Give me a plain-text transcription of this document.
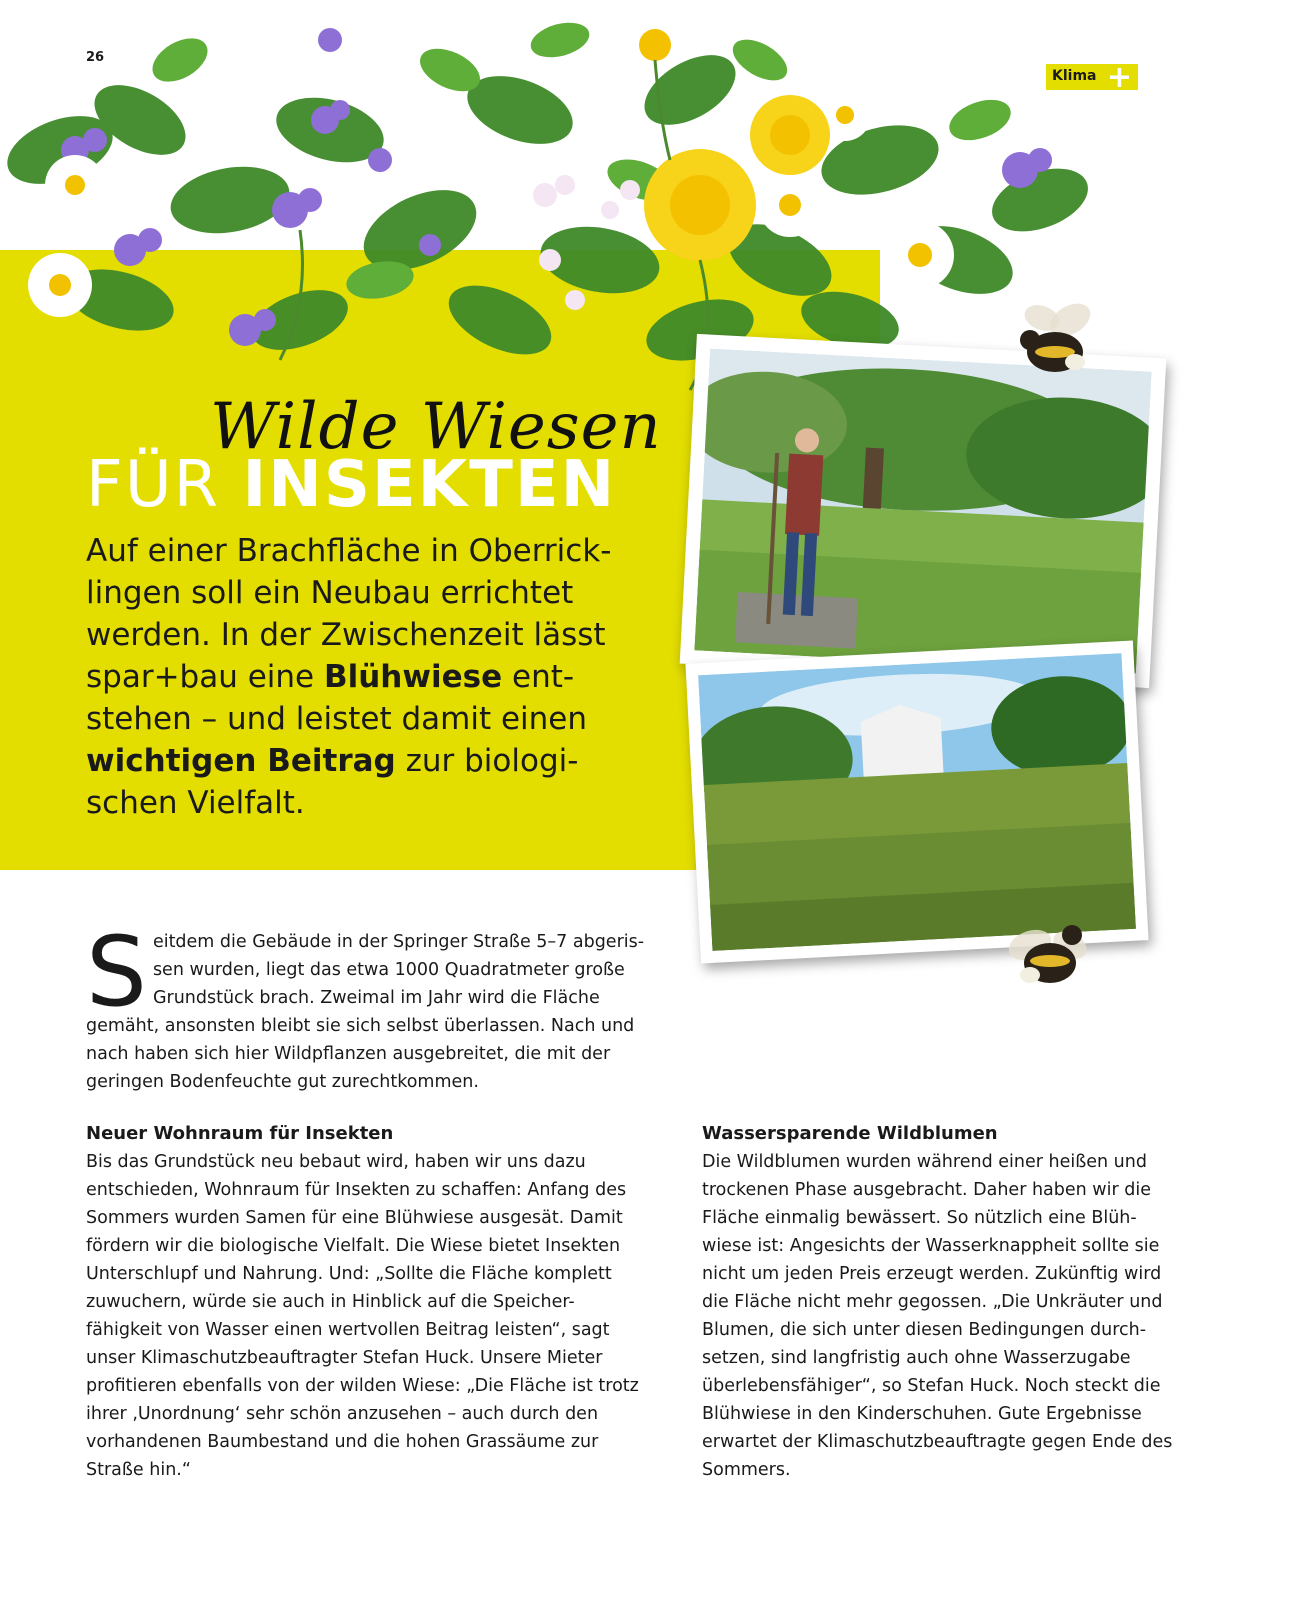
26
Klima +
Wilde Wiesen
FÜR INSEKTEN
Auf einer Brachfläche in Oberrick-lingen soll ein Neubau errichtet werden. In der Zwischenzeit lässt spar+bau eine Blühwiese ent-stehen – und leistet damit einen wichtigen Beitrag zur biologi-schen Vielfalt.
S eitdem die Gebäude in der Springer Straße 5–7 abgeris-sen wurden, liegt das etwa 1000 Quadratmeter große Grundstück brach. Zweimal im Jahr wird die Fläche gemäht, ansonsten bleibt sie sich selbst überlassen. Nach und nach haben sich hier Wildpflanzen ausgebreitet, die mit der geringen Bodenfeuchte gut zurechtkommen.
Neuer Wohnraum für Insekten

Bis das Grundstück neu bebaut wird, haben wir uns dazu entschieden, Wohnraum für Insekten zu schaffen: Anfang des Sommers wurden Samen für eine Blühwiese ausgesät. Damit fördern wir die biologische Vielfalt. Die Wiese bietet Insekten Unterschlupf und Nahrung. Und: „Sollte die Fläche komplett zuwuchern, würde sie auch in Hinblick auf die Speicher-fähigkeit von Wasser einen wertvollen Beitrag leisten“, sagt unser Klimaschutzbeauftragter Stefan Huck. Unsere Mieter profitieren ebenfalls von der wilden Wiese: „Die Fläche ist trotz ihrer ‚Unordnung‘ sehr schön anzusehen – auch durch den vorhandenen Baumbestand und die hohen Grassäume zur Straße hin.“

Wassersparende Wildblumen

Die Wildblumen wurden während einer heißen und trockenen Phase ausgebracht. Daher haben wir die Fläche einmalig bewässert. So nützlich eine Blüh-wiese ist: Angesichts der Wasserknappheit sollte sie nicht um jeden Preis erzeugt werden. Zukünftig wird die Fläche nicht mehr gegossen. „Die Unkräuter und Blumen, die sich unter diesen Bedingungen durch-setzen, sind langfristig auch ohne Wasserzugabe überlebensfähiger“, so Stefan Huck. Noch steckt die Blühwiese in den Kinderschuhen. Gute Ergebnisse erwartet der Klimaschutzbeauftragte gegen Ende des Sommers.
